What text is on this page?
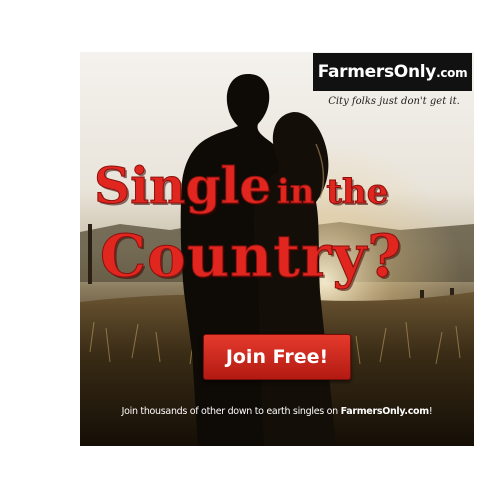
FarmersOnly.com
City folks just don't get it.
Single in the
Country?
Join Free!
Join thousands of other down to earth singles on FarmersOnly.com!
